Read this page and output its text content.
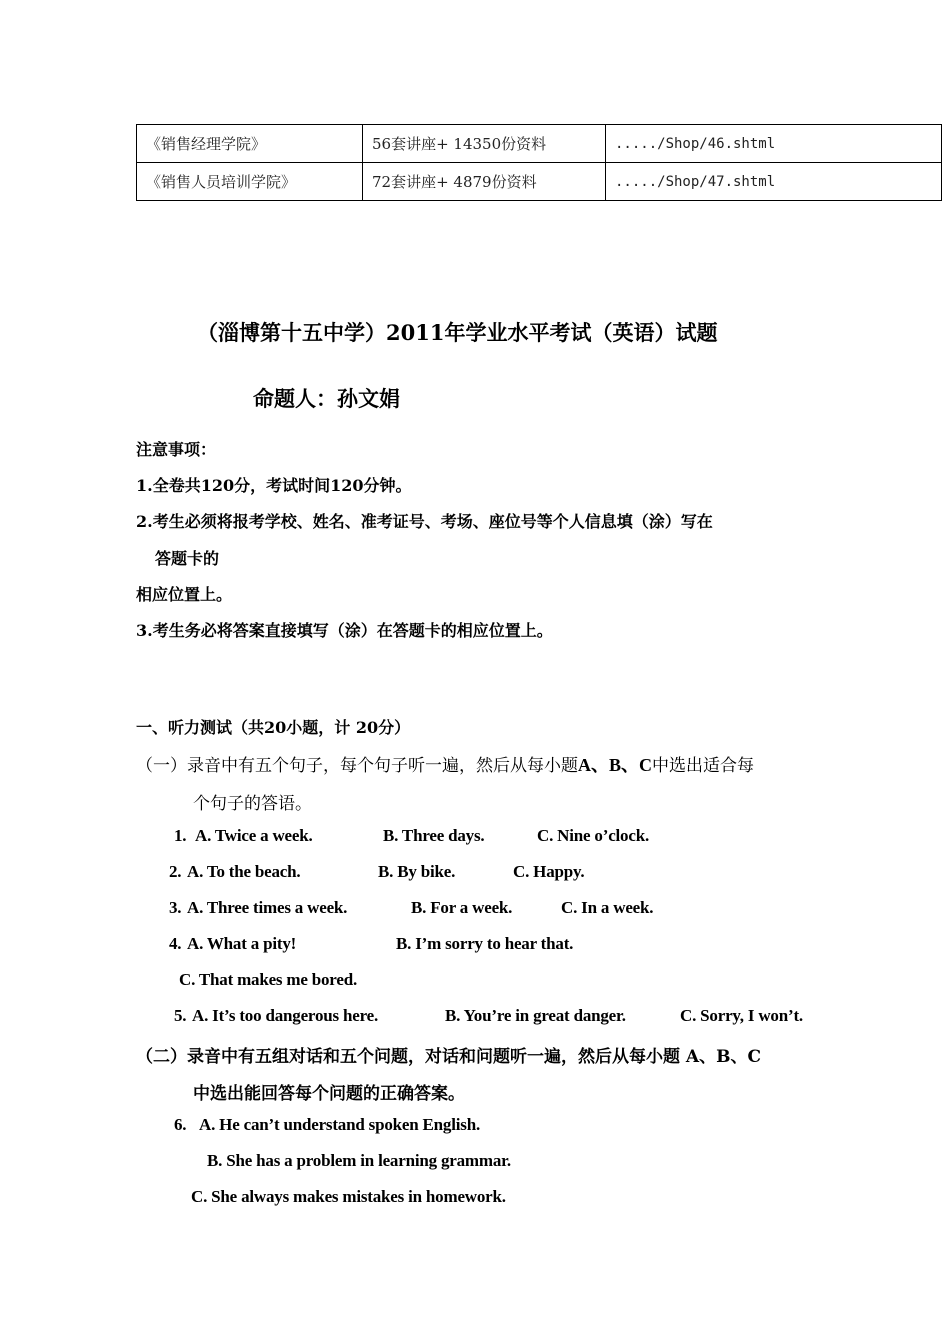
《销售经理学院》	56套讲座+ 14350份资料	...../Shop/46.shtml
《销售人员培训学院》	72套讲座+ 4879份资料	...../Shop/47.shtml
（淄博第十五中学）2011年学业水平考试（英语）试题
命题人：孙文娟
注意事项：
1.全卷共120分，考试时间120分钟。
2.考生必须将报考学校、姓名、准考证号、考场、座位号等个人信息填（涂）写在
答题卡的
相应位置上。
3.考生务必将答案直接填写（涂）在答题卡的相应位置上。
一、听力测试（共20小题，计 20分）
（一）录音中有五个句子，每个句子听一遍，然后从每小题A、B、C中选出适合每
个句子的答语。
1. A. Twice a week.	B. Three days.	C. Nine o’clock.
2. A. To the beach.	B. By bike.	C. Happy.
3. A. Three times a week.	B. For a week.	C. In a week.
4. A. What a pity!	B. I’m sorry to hear that.
C. That makes me bored.
5. A. It’s too dangerous here.	B. You’re in great danger.	C. Sorry, I won’t.
（二）录音中有五组对话和五个问题，对话和问题听一遍，然后从每小题 A、B、C
中选出能回答每个问题的正确答案。
6. A. He can’t understand spoken English.
B. She has a problem in learning grammar.
C. She always makes mistakes in homework.
